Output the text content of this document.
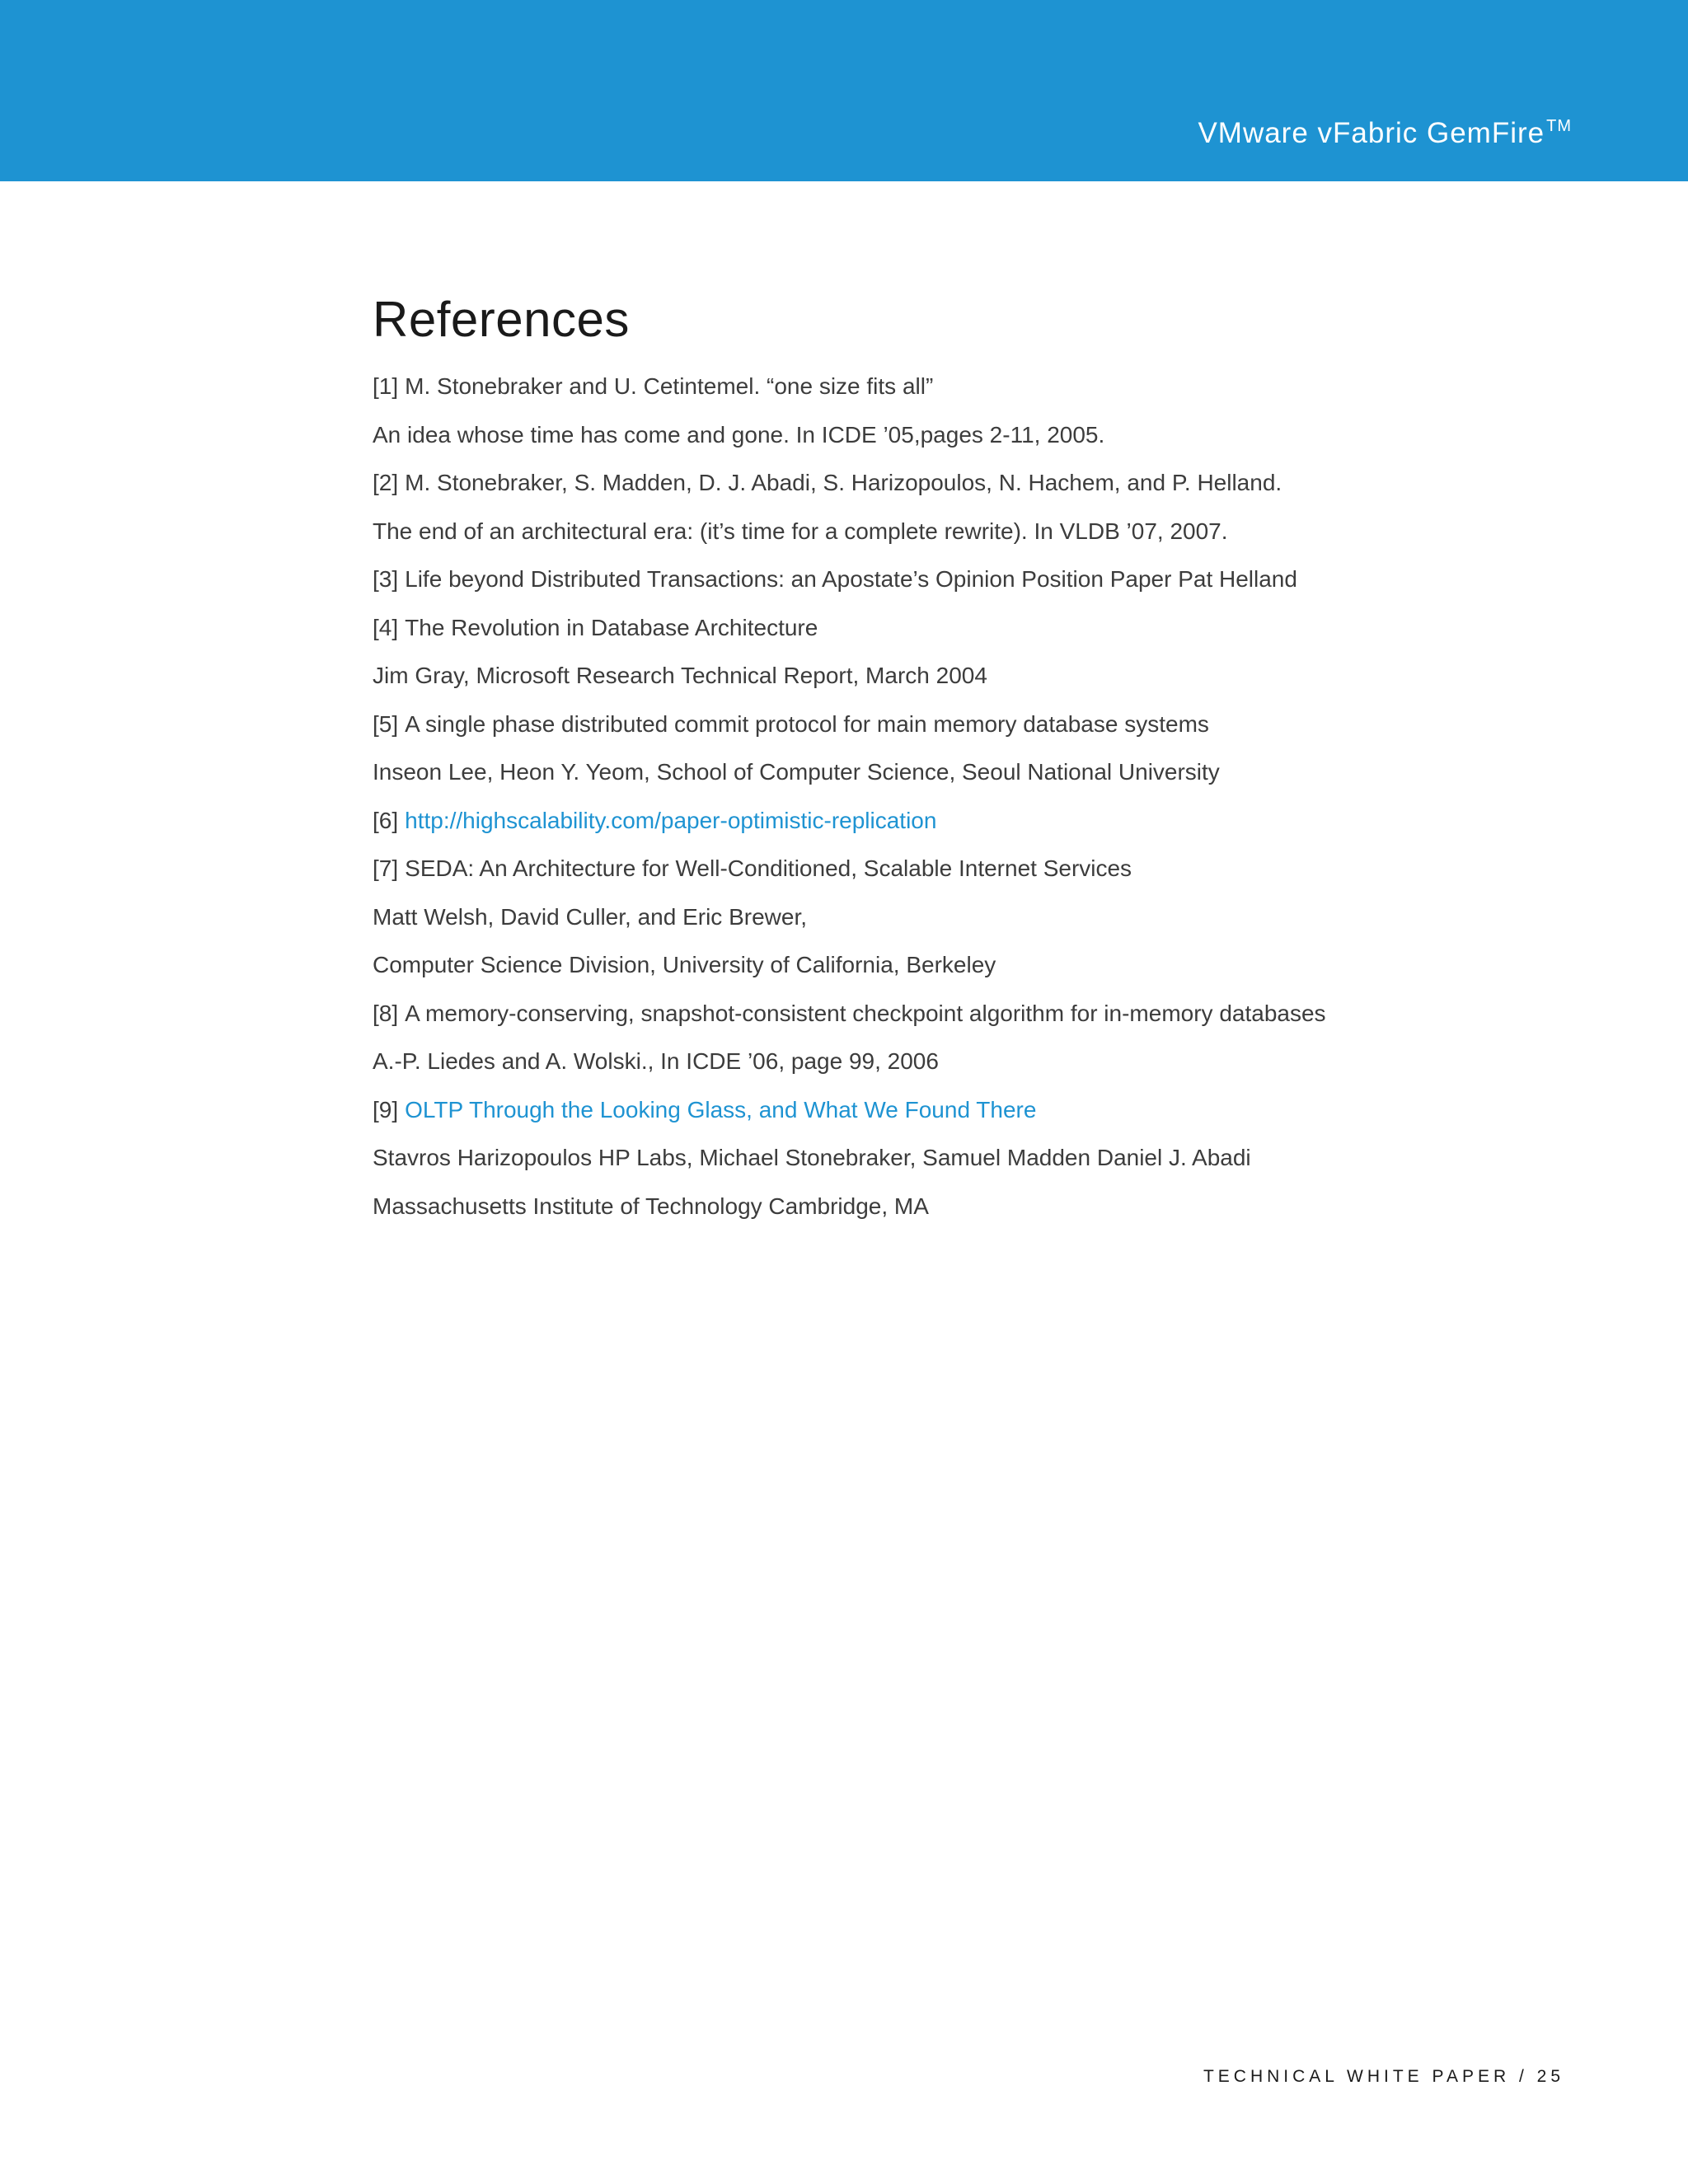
VMware vFabric GemFire ™
References
[1] M. Stonebraker and U. Cetintemel. “one size fits all”
An idea whose time has come and gone. In ICDE ’05,pages 2-11, 2005.
[2] M. Stonebraker, S. Madden, D. J. Abadi, S. Harizopoulos, N. Hachem, and P. Helland.
The end of an architectural era: (it’s time for a complete rewrite). In VLDB ’07, 2007.
[3] Life beyond Distributed Transactions: an Apostate’s Opinion Position Paper Pat Helland
[4] The Revolution in Database Architecture
Jim Gray, Microsoft Research Technical Report, March 2004
[5] A single phase distributed commit protocol for main memory database systems
Inseon Lee, Heon Y. Yeom, School of Computer Science, Seoul National University
[6] http://highscalability.com/paper-optimistic-replication
[7] SEDA: An Architecture for Well-Conditioned, Scalable Internet Services
Matt Welsh, David Culler, and Eric Brewer,
Computer Science Division, University of California, Berkeley
[8] A memory-conserving, snapshot-consistent checkpoint algorithm for in-memory databases
A.-P. Liedes and A. Wolski., In ICDE ’06, page 99, 2006
[9] OLTP Through the Looking Glass, and What We Found There
Stavros Harizopoulos HP Labs, Michael Stonebraker, Samuel Madden Daniel J. Abadi
Massachusetts Institute of Technology Cambridge, MA
TECHNICAL WHITE PAPER / 25
